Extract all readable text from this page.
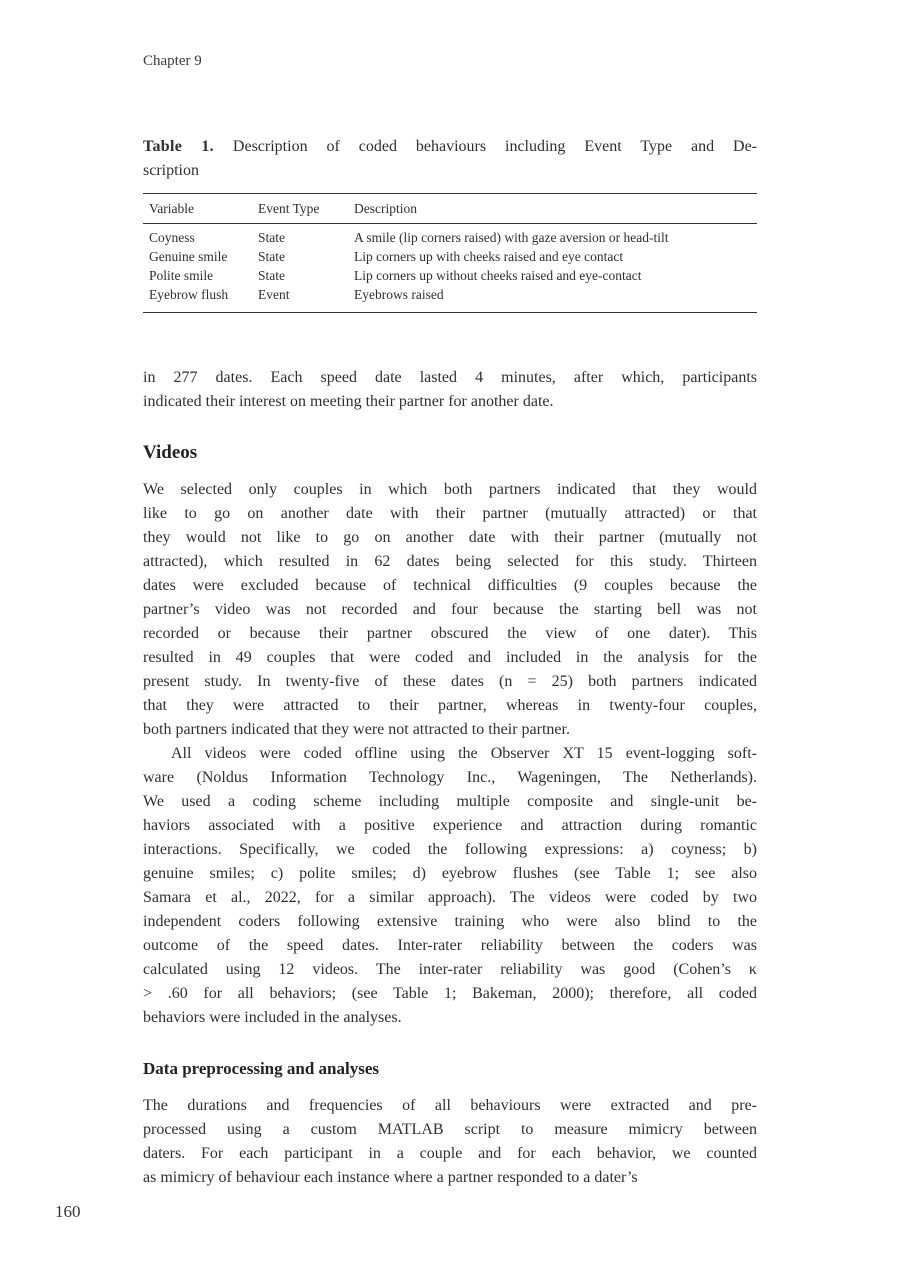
Chapter 9
Table 1. Description of coded behaviours including Event Type and De-
scription
Variable	Event Type	Description
Coyness	State	A smile (lip corners raised) with gaze aversion or head-tilt
Genuine smile	State	Lip corners up with cheeks raised and eye contact
Polite smile	State	Lip corners up without cheeks raised and eye-contact
Eyebrow flush	Event	Eyebrows raised
in 277 dates. Each speed date lasted 4 minutes, after which, participants
indicated their interest on meeting their partner for another date.
Videos
We selected only couples in which both partners indicated that they would
like to go on another date with their partner (mutually attracted) or that
they would not like to go on another date with their partner (mutually not
attracted), which resulted in 62 dates being selected for this study. Thirteen
dates were excluded because of technical difficulties (9 couples because the
partner’s video was not recorded and four because the starting bell was not
recorded or because their partner obscured the view of one dater). This
resulted in 49 couples that were coded and included in the analysis for the
present study. In twenty-five of these dates (n = 25) both partners indicated
that they were attracted to their partner, whereas in twenty-four couples,
both partners indicated that they were not attracted to their partner.
All videos were coded offline using the Observer XT 15 event-logging soft-
ware (Noldus Information Technology Inc., Wageningen, The Netherlands).
We used a coding scheme including multiple composite and single-unit be-
haviors associated with a positive experience and attraction during romantic
interactions. Specifically, we coded the following expressions: a) coyness; b)
genuine smiles; c) polite smiles; d) eyebrow flushes (see Table 1; see also
Samara et al., 2022, for a similar approach). The videos were coded by two
independent coders following extensive training who were also blind to the
outcome of the speed dates. Inter-rater reliability between the coders was
calculated using 12 videos. The inter-rater reliability was good (Cohen’s κ
> .60 for all behaviors; (see Table 1; Bakeman, 2000); therefore, all coded
behaviors were included in the analyses.
Data preprocessing and analyses
The durations and frequencies of all behaviours were extracted and pre-
processed using a custom MATLAB script to measure mimicry between
daters. For each participant in a couple and for each behavior, we counted
as mimicry of behaviour each instance where a partner responded to a dater’s
160
